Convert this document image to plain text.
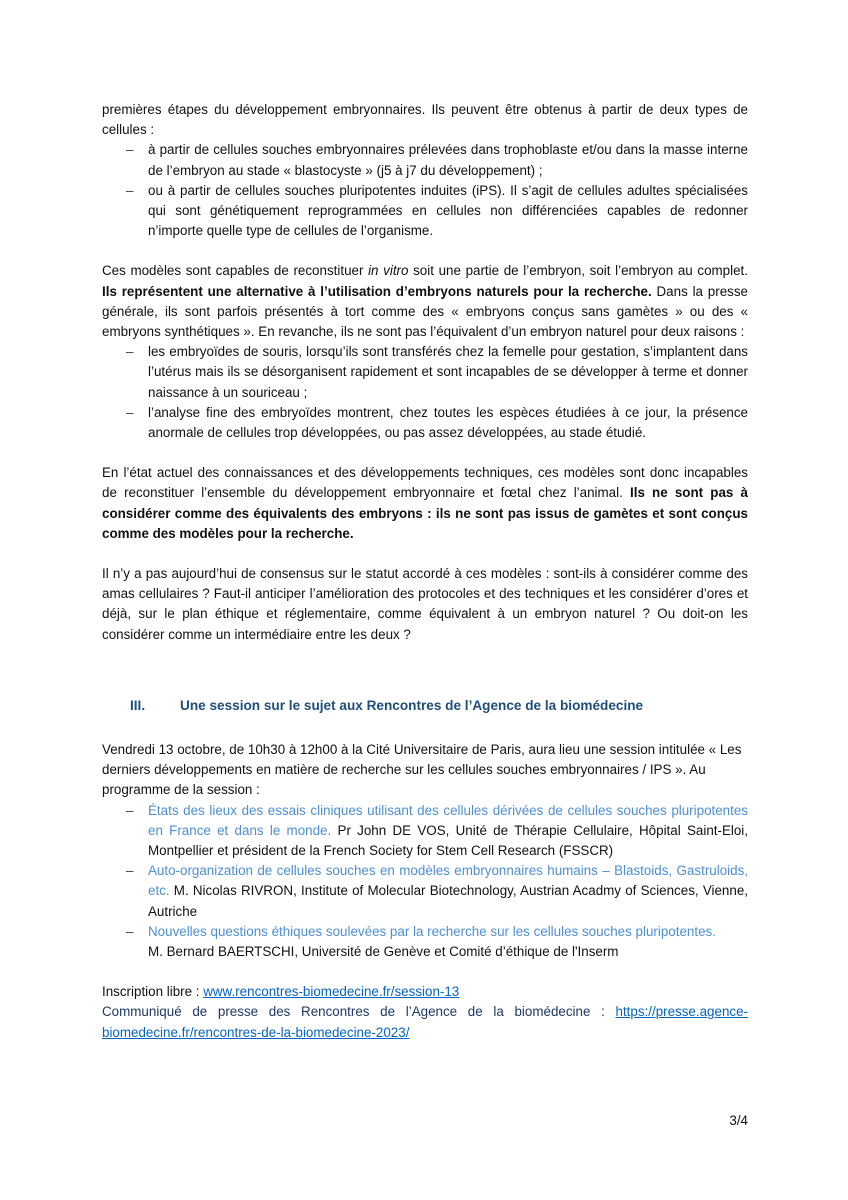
premières étapes du développement embryonnaires. Ils peuvent être obtenus à partir de deux types de cellules :

– à partir de cellules souches embryonnaires prélevées dans trophoblaste et/ou dans la masse interne de l’embryon au stade « blastocyste » (j5 à j7 du développement) ;
– ou à partir de cellules souches pluripotentes induites (iPS). Il s’agit de cellules adultes spécialisées qui sont génétiquement reprogrammées en cellules non différenciées capables de redonner n’importe quelle type de cellules de l’organisme.

Ces modèles sont capables de reconstituer in vitro soit une partie de l’embryon, soit l’embryon au complet. Ils représentent une alternative à l’utilisation d’embryons naturels pour la recherche. Dans la presse générale, ils sont parfois présentés à tort comme des « embryons conçus sans gamètes » ou des « embryons synthétiques ». En revanche, ils ne sont pas l’équivalent d’un embryon naturel pour deux raisons :

– les embryoïdes de souris, lorsqu’ils sont transférés chez la femelle pour gestation, s’implantent dans l’utérus mais ils se désorganisent rapidement et sont incapables de se développer à terme et donner naissance à un souriceau ;
– l’analyse fine des embryoïdes montrent, chez toutes les espèces étudiées à ce jour, la présence anormale de cellules trop développées, ou pas assez développées, au stade étudié.

En l’état actuel des connaissances et des développements techniques, ces modèles sont donc incapables de reconstituer l’ensemble du développement embryonnaire et fœtal chez l’animal. Ils ne sont pas à considérer comme des équivalents des embryons : ils ne sont pas issus de gamètes et sont conçus comme des modèles pour la recherche.

Il n’y a pas aujourd’hui de consensus sur le statut accordé à ces modèles : sont-ils à considérer comme des amas cellulaires ? Faut-il anticiper l’amélioration des protocoles et des techniques et les considérer d’ores et déjà, sur le plan éthique et réglementaire, comme équivalent à un embryon naturel ? Ou doit-on les considérer comme un intermédiaire entre les deux ?

III.	Une session sur le sujet aux Rencontres de l’Agence de la biomédecine

Vendredi 13 octobre, de 10h30 à 12h00 à la Cité Universitaire de Paris, aura lieu une session intitulée « Les derniers développements en matière de recherche sur les cellules souches embryonnaires / IPS ». Au programme de la session :

– États des lieux des essais cliniques utilisant des cellules dérivées de cellules souches pluripotentes en France et dans le monde. Pr John DE VOS, Unité de Thérapie Cellulaire, Hôpital Saint-Eloi, Montpellier et président de la French Society for Stem Cell Research (FSSCR)
– Auto-organization de cellules souches en modèles embryonnaires humains – Blastoids, Gastruloids, etc. M. Nicolas RIVRON, Institute of Molecular Biotechnology, Austrian Acadmy of Sciences, Vienne, Autriche
– Nouvelles questions éthiques soulevées par la recherche sur les cellules souches pluripotentes.
M. Bernard BAERTSCHI, Université de Genève et Comité d’éthique de l'Inserm

Inscription libre : www.rencontres-biomedecine.fr/session-13

Communiqué de presse des Rencontres de l’Agence de la biomédecine : https://presse.agence-biomedecine.fr/rencontres-de-la-biomedecine-2023/

3/4
